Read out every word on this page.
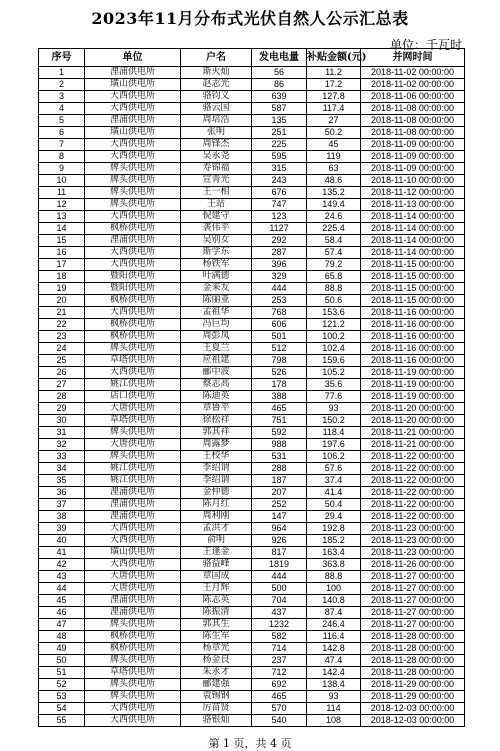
2023年11月分布式光伏自然人公示汇总表
单位：千瓦时
序号	单位	户名	发电电量	补贴金额(元)	并网时间
1	浬浦供电所	斯火灿	56	11.2	2018-11-02 00:00:00
2	璜山供电所	赵志光	86	17.2	2018-11-02 00:00:00
3	大西供电所	骆钧义	639	127.8	2018-11-06 00:00:00
4	大西供电所	骆云国	587	117.4	2018-11-08 00:00:00
5	浬浦供电所	周培浩	135	27	2018-11-08 00:00:00
6	璜山供电所	张明	251	50.2	2018-11-08 00:00:00
7	大西供电所	周锋杰	225	45	2018-11-09 00:00:00
8	大西供电所	吴永尧	595	119	2018-11-09 00:00:00
9	牌头供电所	寿锦福	315	63	2018-11-09 00:00:00
10	牌头供电所	宣青光	243	48.6	2018-11-10 00:00:00
11	牌头供电所	王一相	676	135.2	2018-11-12 00:00:00
12	牌头供电所	王站	747	149.4	2018-11-13 00:00:00
13	大西供电所	倪建守	123	24.6	2018-11-14 00:00:00
14	枫桥供电所	袭伟平	1127	225.4	2018-11-14 00:00:00
15	浬浦供电所	吴别女	292	58.4	2018-11-14 00:00:00
16	大西供电所	斯学东	287	57.4	2018-11-14 00:00:00
17	大西供电所	杨铁军	396	79.2	2018-11-15 00:00:00
18	暨阳供电所	叶满德	329	65.8	2018-11-15 00:00:00
19	暨阳供电所	金来友	444	88.8	2018-11-15 00:00:00
20	枫桥供电所	陈丽亚	253	50.6	2018-11-15 00:00:00
21	大西供电所	孟祖华	768	153.6	2018-11-16 00:00:00
22	枫桥供电所	冯巨均	606	121.2	2018-11-16 00:00:00
23	枫桥供电所	周彭凤	501	100.2	2018-11-16 00:00:00
24	牌头供电所	王夏兰	512	102.4	2018-11-16 00:00:00
25	草塔供电所	应祖建	798	159.6	2018-11-16 00:00:00
26	大西供电所	郦中波	526	105.2	2018-11-19 00:00:00
27	姚江供电所	蔡志高	178	35.6	2018-11-19 00:00:00
28	店口供电所	陈迪英	388	77.6	2018-11-19 00:00:00
29	大唐供电所	章鲁平	465	93	2018-11-20 00:00:00
30	草塔供电所	徐松祥	751	150.2	2018-11-20 00:00:00
31	牌头供电所	郭其祥	592	118.4	2018-11-21 00:00:00
32	大唐供电所	周露梦	988	197.6	2018-11-21 00:00:00
33	牌头供电所	王校华	531	106.2	2018-11-22 00:00:00
34	姚江供电所	李绍谓	288	57.6	2018-11-22 00:00:00
35	姚江供电所	李绍谓	187	37.4	2018-11-22 00:00:00
36	浬浦供电所	金仲德	207	41.4	2018-11-22 00:00:00
37	浬浦供电所	陈月红	252	50.4	2018-11-22 00:00:00
38	浬浦供电所	周利刚	147	29.4	2018-11-22 00:00:00
39	大西供电所	孟洪才	964	192.8	2018-11-23 00:00:00
40	大西供电所	俞明	926	185.2	2018-11-23 00:00:00
41	璜山供电所	王逢金	817	163.4	2018-11-23 00:00:00
42	大西供电所	骆益峰	1819	363.8	2018-11-26 00:00:00
43	大唐供电所	章国成	444	88.8	2018-11-27 00:00:00
44	大唐供电所	王月辉	500	100	2018-11-27 00:00:00
45	浬浦供电所	陈志英	704	140.8	2018-11-27 00:00:00
46	浬浦供电所	陈振清	437	87.4	2018-11-27 00:00:00
47	牌头供电所	郭其生	1232	246.4	2018-11-27 00:00:00
48	枫桥供电所	陈生军	582	116.4	2018-11-28 00:00:00
49	枫桥供电所	杨章光	714	142.8	2018-11-28 00:00:00
50	牌头供电所	杨金良	237	47.4	2018-11-28 00:00:00
51	草塔供电所	朱永才	712	142.4	2018-11-28 00:00:00
52	牌头供电所	郦建强	692	138.4	2018-11-29 00:00:00
53	牌头供电所	袁锡钢	465	93	2018-11-29 00:00:00
54	大西供电所	厉苗贤	570	114	2018-12-03 00:00:00
55	大西供电所	骆银灿	540	108	2018-12-03 00:00:00
第 1 页，共 4 页
